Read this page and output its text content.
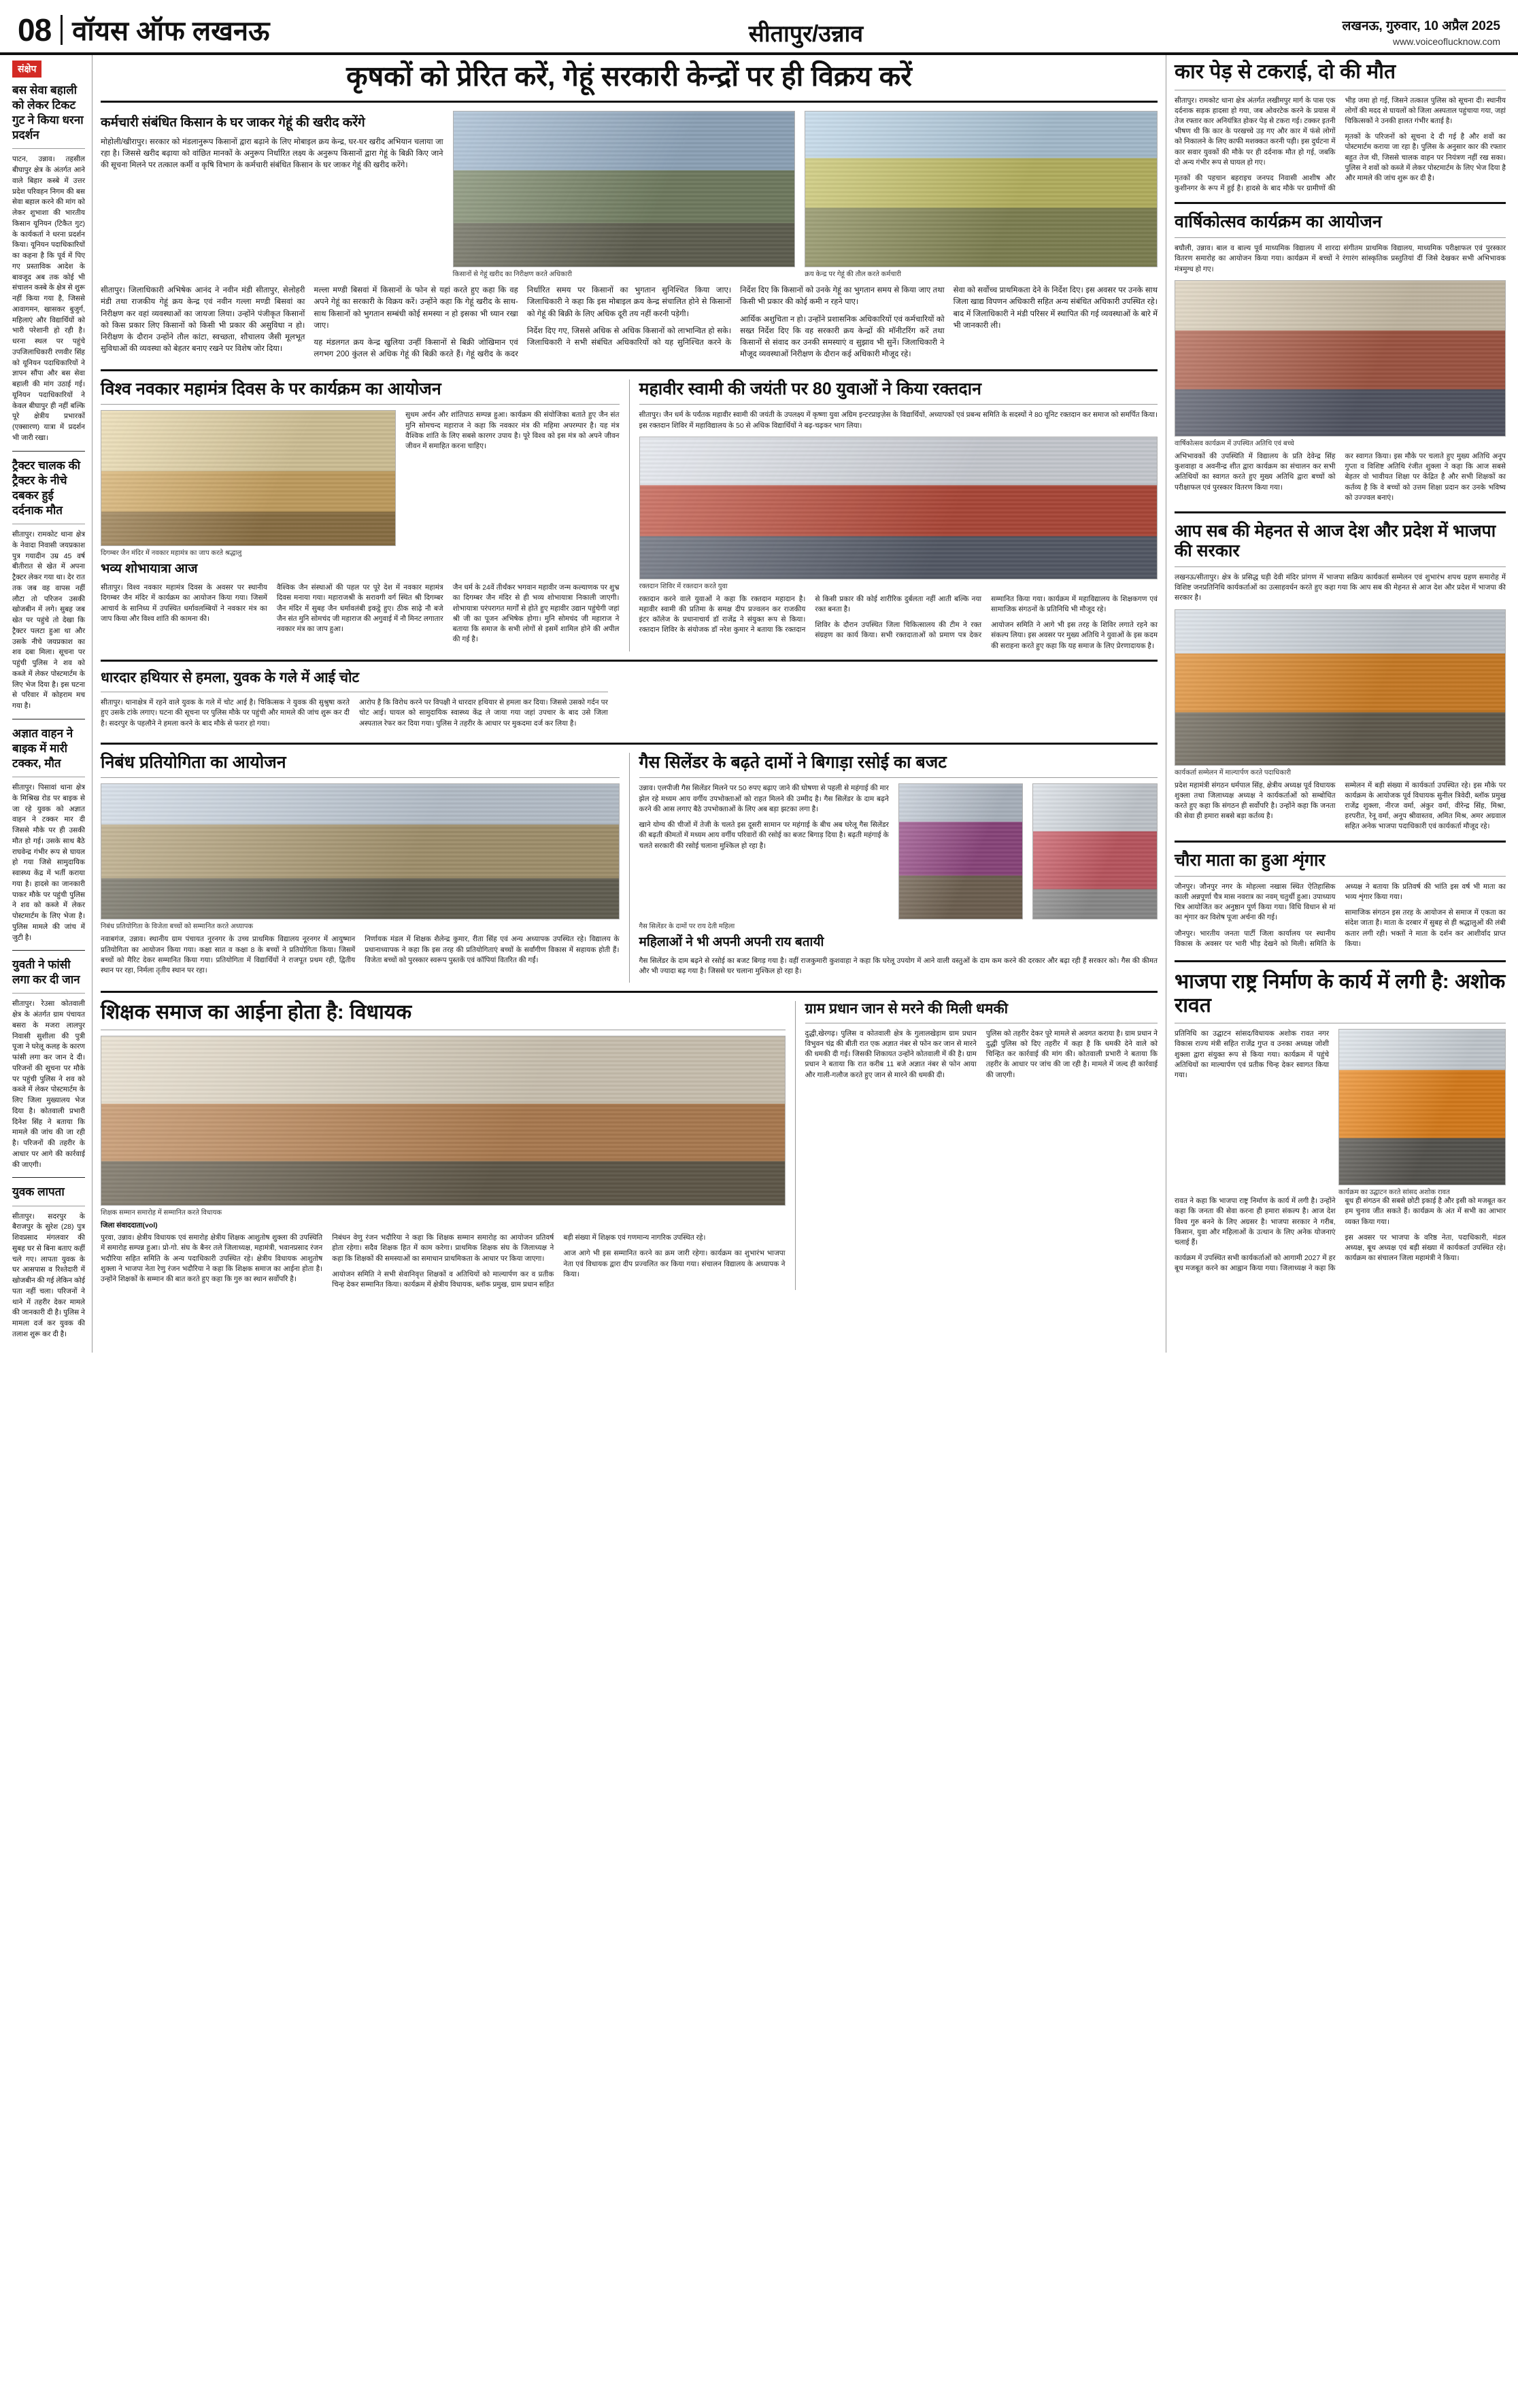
08 वॉयस ऑफ लखनऊ	सीतापुर/उन्नाव	लखनऊ, गुरुवार, 10 अप्रैल 2025
www.voiceoflucknow.com
संक्षेप
बस सेवा बहाली को लेकर टिकट गुट ने किया धरना प्रदर्शन
पाटन, उन्नाव। तहसील बीघापुर क्षेत्र के अंतर्गत आने वाले बिहार कस्बे में उत्तर प्रदेश परिवहन निगम की बस सेवा बहाल करने की मांग को लेकर शुभाशा की भारतीय किसान यूनियन (टिकैत गुट) के कार्यकर्ता ने धरना प्रदर्शन किया। यूनियन पदाधिकारियों का कहना है कि पूर्व में पिए गए प्रस्ताविक आदेश के बावजूद अब तक कोई भी संचालन कस्बे के क्षेत्र से शुरू नहीं किया गया है, जिससे आवागमन, खासकर बुजुर्ग, महिलाएं और विद्यार्थियों को भारी परेशानी हो रही है। धरना स्थल पर पहुंचे उपजिलाधिकारी रणवीर सिंह को यूनियन पदाधिकारियों ने ज्ञापन सौंपा और बस सेवा बहाली की मांग उठाई गई। यूनियन पदाधिकारियों ने केवल बीघापुर ही नहीं बल्कि पूरे क्षेत्रीय प्रभारकों (एक्सारण) यात्रा में प्रदर्शन भी जारी रखा।
ट्रैक्टर चालक की ट्रैक्टर के नीचे दबकर हुई दर्दनाक मौत
सीतापुर। रामकोट थाना क्षेत्र के नेवादा निवासी जयप्रकाश पुत्र गयादीन उम्र 45 वर्ष बीतीरात से खेत में अपना ट्रैक्टर लेकर गया था। देर रात तक जब वह वापस नहीं लौटा तो परिजन उसकी खोजबीन में लगे। सुबह जब खेत पर पहुंचे तो देखा कि ट्रैक्टर पलटा हुआ था और उसके नीचे जयप्रकाश का शव दबा मिला। सूचना पर पहुंची पुलिस ने शव को कब्जे में लेकर पोस्टमार्टम के लिए भेज दिया है। इस घटना से परिवार में कोहराम मच गया है।
अज्ञात वाहन ने बाइक में मारी टक्कर, मौत
सीतापुर। पिसावां थाना क्षेत्र के मिश्रिख रोड पर बाइक से जा रहे युवक को अज्ञात वाहन ने टक्कर मार दी जिससे मौके पर ही उसकी मौत हो गई। उसके साथ बैठे राघवेन्द्र गंभीर रूप से घायल हो गया जिसे सामुदायिक स्वास्थ्य केंद्र में भर्ती कराया गया है। हादसे का जानकारी पाकर मौके पर पहुंची पुलिस ने शव को कब्जे में लेकर पोस्टमार्टम के लिए भेजा है। पुलिस मामले की जांच में जुटी है।
युवती ने फांसी लगा कर दी जान
सीतापुर। रेउसा कोतवाली क्षेत्र के अंतर्गत ग्राम पंचायत बसरा के मजरा लालपुर निवासी सुशीला की पुत्री पूजा ने घरेलू कलह के कारण फांसी लगा कर जान दे दी। परिजनों की सूचना पर मौके पर पहुंची पुलिस ने शव को कब्जे में लेकर पोस्टमार्टम के लिए जिला मुख्यालय भेज दिया है। कोतवाली प्रभारी दिनेश सिंह ने बताया कि मामले की जांच की जा रही है। परिजनों की तहरीर के आधार पर आगे की कार्रवाई की जाएगी।
युवक लापता
सीतापुर। सदरपुर के बैराजपुर के सुरेश (28) पुत्र शिवप्रसाद मंगलवार की सुबह घर से बिना बताए कहीं चले गए। लापता युवक के घर आसपास व रिश्तेदारी में खोजबीन की गई लेकिन कोई पता नहीं चला। परिजनों ने थाने में तहरीर देकर मामले की जानकारी दी है। पुलिस ने मामला दर्ज कर युवक की तलाश शुरू कर दी है।
कृषकों को प्रेरित करें, गेहूं सरकारी केन्द्रों पर ही विक्रय करें
कर्मचारी संबंधित किसान के घर जाकर गेहूं की खरीद करेंगे
मोहोली/खीरापुर। सरकार को मंडलानुरूप किसानों द्वारा बढ़ाने के लिए मोबाइल क्रय केन्द्र, घर-घर खरीद अभियान चलाया जा रहा है। जिससे खरीद बढ़ाया को वांछित मानकों के अनुरूप निर्धारित लक्ष्य के अनुरूप किसानों द्वारा गेहूं के बिक्री किए जाने की सूचना मिलने पर तत्काल कर्मी व कृषि विभाग के कर्मचारी संबंधित किसान के घर जाकर गेहूं की खरीद करेंगे।
किसानों से गेहूं खरीद का निरीक्षण करते अधिकारी	क्रय केन्द्र पर गेहूं की तौल करते कर्मचारी
सीतापुर। जिलाधिकारी अभिषेक आनंद ने नवीन मंडी सीतापुर, सेलोहरी मंडी तथा राजकीय गेहूं क्रय केन्द्र एवं नवीन गल्ला मण्डी बिसवां का निरीक्षण कर वहां व्यवस्थाओं का जायजा लिया। उन्होंने पंजीकृत किसानों को किस प्रकार लिए किसानों को किसी भी प्रकार की असुविधा न हो। निरीक्षण के दौरान उन्होंने तौल कांटा, स्वच्छता, शौचालय जैसी मूलभूत सुविधाओं की व्यवस्था को बेहतर बनाए रखने पर विशेष जोर दिया।
मल्ला मण्डी बिसवां में किसानों के फोन से यहां करते हुए कहा कि वह अपने गेहूं का सरकारी के विक्रय करें। उन्होंने कहा कि गेहूं खरीद के साथ-साथ किसानों को भुगतान सम्बंधी कोई समस्या न हो इसका भी ध्यान रखा जाए।
यह मंडलगत क्रय केन्द्र खुलिया उन्हीं किसानों से बिक्री जोखिमान एवं लगभग 200 कुंतल से अधिक गेहूं की बिक्री करते हैं। गेहूं खरीद के कदर निर्धारित समय पर किसानों का भुगतान सुनिश्चित किया जाए। जिलाधिकारी ने कहा कि इस मोबाइल क्रय केन्द्र संचालित होने से किसानों को गेहूं की बिक्री के लिए अधिक दूरी तय नहीं करनी पड़ेगी।
निर्देश दिए गए, जिससे अधिक से अधिक किसानों को लाभान्वित हो सके। जिलाधिकारी ने सभी संबंधित अधिकारियों को यह सुनिश्चित करने के निर्देश दिए कि किसानों को उनके गेहूं का भुगतान समय से किया जाए तथा किसी भी प्रकार की कोई कमी न रहने पाए।
आर्थिक अशुचिता न हो। उन्होंने प्रशासनिक अधिकारियों एवं कर्मचारियों को सख्त निर्देश दिए कि वह सरकारी क्रय केन्द्रों की मॉनीटरिंग करें तथा किसानों से संवाद कर उनकी समस्याएं व सुझाव भी सुनें। जिलाधिकारी ने मौजूद व्यवस्थाओं निरीक्षण के दौरान कई अधिकारी मौजूद रहे।
सेवा को सर्वोच्च प्राथमिकता देने के निर्देश दिए। इस अवसर पर उनके साथ जिला खाद्य विपणन अधिकारी सहित अन्य संबंधित अधिकारी उपस्थित रहे। बाद में जिलाधिकारी ने मंडी परिसर में स्थापित की गई व्यवस्थाओं के बारे में भी जानकारी ली।
विश्व नवकार महामंत्र दिवस के पर कार्यक्रम का आयोजन
दिगम्बर जैन मंदिर में नवकार महामंत्र का जाप करते श्रद्धालु
सुधम अर्चन और शांतिपाठ सम्पन्न हुआ। कार्यक्रम की संयोजिका बताते हुए जैन संत मुनि सोमचन्द महाराज ने कहा कि नवकार मंत्र की महिमा अपरम्पार है। यह मंत्र वैश्विक शांति के लिए सबसे कारगर उपाय है। पूरे विश्व को इस मंत्र को अपने जीवन जीवन में समाहित करना चाहिए।
भव्य शोभायात्रा आज
सीतापुर। विश्व नवकार महामंत्र दिवस के अवसर पर स्थानीय दिगम्बर जैन मंदिर में कार्यक्रम का आयोजन किया गया। जिसमें आचार्य के सानिध्य में उपस्थित धर्मावलम्बियों ने नवकार मंत्र का जाप किया और विश्व शांति की कामना की।
वैश्विक जैन संस्थाओं की पहल पर पूरे देश में नवकार महामंत्र दिवस मनाया गया। महाराजश्री के सरावगी वर्ग स्थित श्री दिगम्बर जैन मंदिर में सुबह जैन धर्मावलंबी इकट्ठे हुए। ठीक साढ़े नौ बजे जैन संत मुनि सोमचंद जी महाराज की अगुवाई में नौ मिनट लगातार नवकार मंत्र का जाप हुआ।
जैन धर्म के 24वें तीर्थंकर भगवान महावीर जन्म कल्याणक पर शुभ्र का दिगम्बर जैन मंदिर से ही भव्य शोभायात्रा निकाली जाएगी। शोभायात्रा परंपरागत मार्गों से होते हुए महावीर उद्यान पहुंचेगी जहां श्री जी का पूजन अभिषेक होगा। मुनि सोमचंद जी महाराज ने बताया कि समाज के सभी लोगों से इसमें शामिल होने की अपील की गई है।
महावीर स्वामी की जयंती पर 80 युवाओं ने किया रक्तदान
सीतापुर। जैन धर्म के पर्यंतक महावीर स्वामी की जयंती के उपलक्ष्य में कृष्णा युवा अग्रिम इन्टरप्राइज़ेस के विद्यार्थियों, अध्यापकों एवं प्रबन्ध समिति के सदस्यों ने 80 यूनिट रक्तदान कर समाज को समर्पित किया। इस रक्तदान शिविर में महाविद्यालय के 50 से अधिक विद्यार्थियों ने बढ़-चढ़कर भाग लिया।
रक्तदान शिविर में रक्तदान करते युवा
रक्तदान करने वाले युवाओं ने कहा कि रक्तदान महादान है। महावीर स्वामी की प्रतिमा के समक्ष दीप प्रज्वलन कर राजकीय इंटर कॉलेज के प्रधानाचार्य डॉ राजेंद्र ने संयुक्त रूप से किया। रक्तदान शिविर के संयोजक डॉ नरेश कुमार ने बताया कि रक्तदान से किसी प्रकार की कोई शारीरिक दुर्बलता नहीं आती बल्कि नया रक्त बनता है।
शिविर के दौरान उपस्थित जिला चिकित्सालय की टीम ने रक्त संग्रहण का कार्य किया। सभी रक्तदाताओं को प्रमाण पत्र देकर सम्मानित किया गया। कार्यक्रम में महाविद्यालय के शिक्षकगण एवं सामाजिक संगठनों के प्रतिनिधि भी मौजूद रहे।
आयोजन समिति ने आगे भी इस तरह के शिविर लगाते रहने का संकल्प लिया। इस अवसर पर मुख्य अतिथि ने युवाओं के इस कदम की सराहना करते हुए कहा कि यह समाज के लिए प्रेरणादायक है।
धारदार हथियार से हमला, युवक के गले में आई चोट
सीतापुर। थानाक्षेत्र में रहने वाले युवक के गले में चोट आई है। चिकित्सक ने युवक की सुश्रुषा करते हुए उसके टांके लगाए। घटना की सूचना पर पुलिस मौके पर पहुंची और मामले की जांच शुरू कर दी है। सदरपुर के पहलौने ने हमला करने के बाद मौके से फरार हो गया।
आरोप है कि विरोध करने पर विपक्षी ने धारदार हथियार से हमला कर दिया। जिससे उसको गर्दन पर चोट आई। घायल को सामुदायिक स्वास्थ्य केंद्र ले जाया गया जहां उपचार के बाद उसे जिला अस्पताल रेफर कर दिया गया। पुलिस ने तहरीर के आधार पर मुकदमा दर्ज कर लिया है।
निबंध प्रतियोगिता का आयोजन
निबंध प्रतियोगिता के विजेता बच्चों को सम्मानित करते अध्यापक
नवाबगंज, उन्नाव। स्थानीय ग्राम पंचायत नूरनगर के उच्च प्राथमिक विद्यालय नूरनगर में आयुष्मान प्रतियोगिता का आयोजन किया गया। कक्षा सात व कक्षा 8 के बच्चों ने प्रतियोगिता किया। जिसमें बच्चों को मैरिट देकर सम्मानित किया गया। प्रतियोगिता में विद्यार्थियों ने राजपूत प्रथम रही, द्वितीय स्थान पर रहा, निर्मला तृतीय स्थान पर रहा।
निर्णायक मंडल में शिक्षक शैलेन्द्र कुमार, रीता सिंह एवं अन्य अध्यापक उपस्थित रहे। विद्यालय के प्रधानाध्यापक ने कहा कि इस तरह की प्रतियोगिताएं बच्चों के सर्वांगीण विकास में सहायक होती हैं। विजेता बच्चों को पुरस्कार स्वरूप पुस्तकें एवं कॉपियां वितरित की गईं।
गैस सिलेंडर के बढ़ते दामों ने बिगाड़ा रसोई का बजट
उन्नाव। एलपीजी गैस सिलेंडर मिलने पर 50 रुपए बढ़ाए जाने की घोषणा से पहली से महंगाई की मार झेल रहे मध्यम आय वर्गीय उपभोक्ताओं को राहत मिलने की उम्मीद है। गैस सिलेंडर के दाम बढ़ने करने की आस लगाए बैठे उपभोक्ताओं के लिए अब बड़ा झटका लगा है।
खाने योग्य की चीजों में तेजी के चलते इस दूसरी सामान पर महंगाई के बीच अब घरेलू गैस सिलेंडर की बढ़ती कीमतों में मध्यम आय वर्गीय परिवारों की रसोई का बजट बिगाड़ दिया है। बढ़ती महंगाई के चलते सरकारी की रसोई चलाना मुश्किल हो रहा है।
गैस सिलेंडर के दामों पर राय देती महिला
महिलाओं ने भी अपनी अपनी राय बतायी
गैस सिलेंडर के दाम बढ़ने से रसोई का बजट बिगड़ गया है। वहीं राजकुमारी कुशवाहा ने कहा कि घरेलू उपयोग में आने वाली वस्तुओं के दाम कम करने की दरकार और बढ़ा रही हैं सरकार को। गैस की कीमत और भी ज्यादा बढ़ गया है। जिससे घर चलाना मुश्किल हो रहा है।
शिक्षक समाज का आईना होता है: विधायक
शिक्षक सम्मान समारोह में सम्मानित करते विधायक
जिला संवाददाता(vol)
पुरवा, उन्नाव। क्षेत्रीय विधायक एवं समारोह क्षेत्रीय शिक्षक आशुतोष शुक्ला की उपस्थिति में समारोह सम्पन्न हुआ। प्रो-गो. संघ के बैनर तले जिलाध्यक्ष, महामंत्री, भवानप्रसाद रंजन भदौरिया सहित समिति के अन्य पदाधिकारी उपस्थित रहे। क्षेत्रीय विधायक आशुतोष शुक्ला ने भाजपा नेता रेणु रंजन भदौरिया ने कहा कि शिक्षक समाज का आईना होता है। उन्होंने शिक्षकों के सम्मान की बात करते हुए कहा कि गुरु का स्थान सर्वोपरि है।
निबंधन वेणु रंजन भदौरिया ने कहा कि शिक्षक सम्मान समारोह का आयोजन प्रतिवर्ष होता रहेगा। सदैव शिक्षक हित में काम करेगा। प्राथमिक शिक्षक संघ के जिलाध्यक्ष ने कहा कि शिक्षकों की समस्याओं का समाधान प्राथमिकता के आधार पर किया जाएगा।
आयोजन समिति ने सभी सेवानिवृत्त शिक्षकों व अतिथियों को माल्यार्पण कर व प्रतीक चिन्ह देकर सम्मानित किया। कार्यक्रम में क्षेत्रीय विधायक, ब्लॉक प्रमुख, ग्राम प्रधान सहित बड़ी संख्या में शिक्षक एवं गणमान्य नागरिक उपस्थित रहे।
आज आगे भी इस सम्मानित करने का क्रम जारी रहेगा। कार्यक्रम का शुभारंभ भाजपा नेता एवं विधायक द्वारा दीप प्रज्वलित कर किया गया। संचालन विद्यालय के अध्यापक ने किया।
ग्राम प्रधान जान से मरने की मिली धमकी
दुद्धी,खेरगढ़। पुलिस व कोतवाली क्षेत्र के गुलालखेड़ाम ग्राम प्रधान विभुवन चंद्र की बीती रात एक अज्ञात नंबर से फोन कर जान से मारने की धमकी दी गई। जिसकी शिकायत उन्होंने कोतवाली में की है। ग्राम प्रधान ने बताया कि रात करीब 11 बजे अज्ञात नंबर से फोन आया और गाली-गलौज करते हुए जान से मारने की धमकी दी।
पुलिस को तहरीर देकर पूरे मामले से अवगत कराया है। ग्राम प्रधान ने दुद्धी पुलिस को दिए तहरीर में कहा है कि धमकी देने वाले को चिन्हित कर कार्रवाई की मांग की। कोतवाली प्रभारी ने बताया कि तहरीर के आधार पर जांच की जा रही है। मामले में जल्द ही कार्रवाई की जाएगी।
कार पेड़ से टकराई, दो की मौत
सीतापुर। रामकोट थाना क्षेत्र अंतर्गत लखीमपुर मार्ग के पास एक दर्दनाक सड़क हादसा हो गया, जब ओवरटेक करने के प्रयास में तेज रफ्तार कार अनियंत्रित होकर पेड़ से टकरा गई। टक्कर इतनी भीषण थी कि कार के परखच्चे उड़ गए और कार में फंसे लोगों को निकालने के लिए काफी मशक्कत करनी पड़ी। इस दुर्घटना में कार सवार युवकों की मौके पर ही दर्दनाक मौत हो गई, जबकि दो अन्य गंभीर रूप से घायल हो गए।
मृतकों की पहचान बहराइच जनपद निवासी आशीष और कुशीनगर के रूप में हुई है। हादसे के बाद मौके पर ग्रामीणों की भीड़ जमा हो गई, जिसने तत्काल पुलिस को सूचना दी। स्थानीय लोगों की मदद से घायलों को जिला अस्पताल पहुंचाया गया, जहां चिकित्सकों ने उनकी हालत गंभीर बताई है।
मृतकों के परिजनों को सूचना दे दी गई है और शवों का पोस्टमार्टम कराया जा रहा है। पुलिस के अनुसार कार की रफ्तार बहुत तेज थी, जिससे चालक वाहन पर नियंत्रण नहीं रख सका। पुलिस ने शवों को कब्जे में लेकर पोस्टमार्टम के लिए भेज दिया है और मामले की जांच शुरू कर दी है।
वार्षिकोत्सव कार्यक्रम का आयोजन
बघौली, उन्नाव। बाल व बाल्य पूर्व माध्यमिक विद्यालय में शारदा संगीतम प्राथमिक विद्यालय, माध्यमिक परीक्षाफल एवं पुरस्कार वितरण समारोह का आयोजन किया गया। कार्यक्रम में बच्चों ने रंगारंग सांस्कृतिक प्रस्तुतियां दीं जिसे देखकर सभी अभिभावक मंत्रमुग्ध हो गए।
वार्षिकोत्सव कार्यक्रम में उपस्थित अतिथि एवं बच्चे
अभिभावकों की उपस्थिति में विद्यालय के प्रति देवेन्द्र सिंह कुशवाहा व अवनीन्द्र शीत द्वारा कार्यक्रम का संचालन कर सभी अतिथियों का स्वागत करते हुए मुख्य अतिथि द्वारा बच्चों को परीक्षाफल एवं पुरस्कार वितरण किया गया।
कर स्वागत किया। इस मौके पर चलाते हुए मुख्य अतिथि अनूप गुप्ता व विशिष्ट अतिथि रंजीत शुक्ला ने कहा कि आज सबसे बेहतर वो भावीयत शिक्षा पर केंद्रित है और सभी शिक्षकों का कर्तव्य है कि वे बच्चों को उत्तम शिक्षा प्रदान कर उनके भविष्य को उज्ज्वल बनाएं।
आप सब की मेहनत से आज देश और प्रदेश में भाजपा की सरकार
लखनऊ/सीतापुर। क्षेत्र के प्रसिद्ध घड़ी देवी मंदिर प्रांगण में भाजपा सक्रिय कार्यकर्ता सम्मेलन एवं शुभारंभ शपथ ग्रहण समारोह में विशिष्ट जनप्रतिनिधि कार्यकर्ताओं का उत्साहवर्धन करते हुए कहा गया कि आप सब की मेहनत से आज देश और प्रदेश में भाजपा की सरकार है।
कार्यकर्ता सम्मेलन में माल्यार्पण करते पदाधिकारी
प्रदेश महामंत्री संगठन धर्मपाल सिंह, क्षेत्रीय अध्यक्ष पूर्व विधायक शुक्ला तथा जिलाध्यक्ष अध्यक्ष ने कार्यकर्ताओं को सम्बोधित करते हुए कहा कि संगठन ही सर्वोपरि है। उन्होंने कहा कि जनता की सेवा ही हमारा सबसे बड़ा कर्तव्य है।
सम्मेलन में बड़ी संख्या में कार्यकर्ता उपस्थित रहे। इस मौके पर कार्यक्रम के आयोजक पूर्व विधायक सुनील त्रिवेदी, ब्लॉक प्रमुख राजेंद्र शुक्ला, नीरज वर्मा, अंकुर वर्मा, वीरेन्द्र सिंह, मिश्रा, हरपरीत, रेनू वर्मा, अनूप श्रीवास्तव, अमित मिश्र, अमर अग्रवाल सहित अनेक भाजपा पदाधिकारी एवं कार्यकर्ता मौजूद रहे।
चौरा माता का हुआ शृंगार
जौनपुर। जौनपुर नगर के मोहल्ला नखास स्थित ऐतिहासिक काली अन्नपूर्णा चैत्र मास नवरात्र का नवम् चतुर्थी हुआ। उपाध्याय चित्र आयोजित कर अनुष्ठान पूर्ण किया गया। विधि विधान से मां का शृंगार कर विशेष पूजा अर्चना की गई।
जौनपुर। भारतीय जनता पार्टी जिला कार्यालय पर स्थानीय विकास के अवसर पर भारी भीड़ देखने को मिली। समिति के अध्यक्ष ने बताया कि प्रतिवर्ष की भांति इस वर्ष भी माता का भव्य शृंगार किया गया।
सामाजिक संगठन इस तरह के आयोजन से समाज में एकता का संदेश जाता है। माता के दरबार में सुबह से ही श्रद्धालुओं की लंबी कतार लगी रही। भक्तों ने माता के दर्शन कर आशीर्वाद प्राप्त किया।
भाजपा राष्ट्र निर्माण के कार्य में लगी है: अशोक रावत
प्रतिनिधि का उद्घाटन सांसद/विधायक अशोक रावत नगर विकास राज्य मंत्री सहित राजेंद्र गुप्त व उनका अध्यक्ष जोशी शुक्ला द्वारा संयुक्त रूप से किया गया। कार्यक्रम में पहुंचे अतिथियों का माल्यार्पण एवं प्रतीक चिन्ह देकर स्वागत किया गया।
कार्यक्रम का उद्घाटन करते सांसद अशोक रावत
रावत ने कहा कि भाजपा राष्ट्र निर्माण के कार्य में लगी है। उन्होंने कहा कि जनता की सेवा करना ही हमारा संकल्प है। आज देश विश्व गुरु बनने के लिए अग्रसर है। भाजपा सरकार ने गरीब, किसान, युवा और महिलाओं के उत्थान के लिए अनेक योजनाएं चलाई हैं।
कार्यक्रम में उपस्थित सभी कार्यकर्ताओं को आगामी 2027 में हर बूथ मजबूत करने का आह्वान किया गया। जिलाध्यक्ष ने कहा कि बूथ ही संगठन की सबसे छोटी इकाई है और इसी को मजबूत कर हम चुनाव जीत सकते हैं। कार्यक्रम के अंत में सभी का आभार व्यक्त किया गया।
इस अवसर पर भाजपा के वरिष्ठ नेता, पदाधिकारी, मंडल अध्यक्ष, बूथ अध्यक्ष एवं बड़ी संख्या में कार्यकर्ता उपस्थित रहे। कार्यक्रम का संचालन जिला महामंत्री ने किया।
